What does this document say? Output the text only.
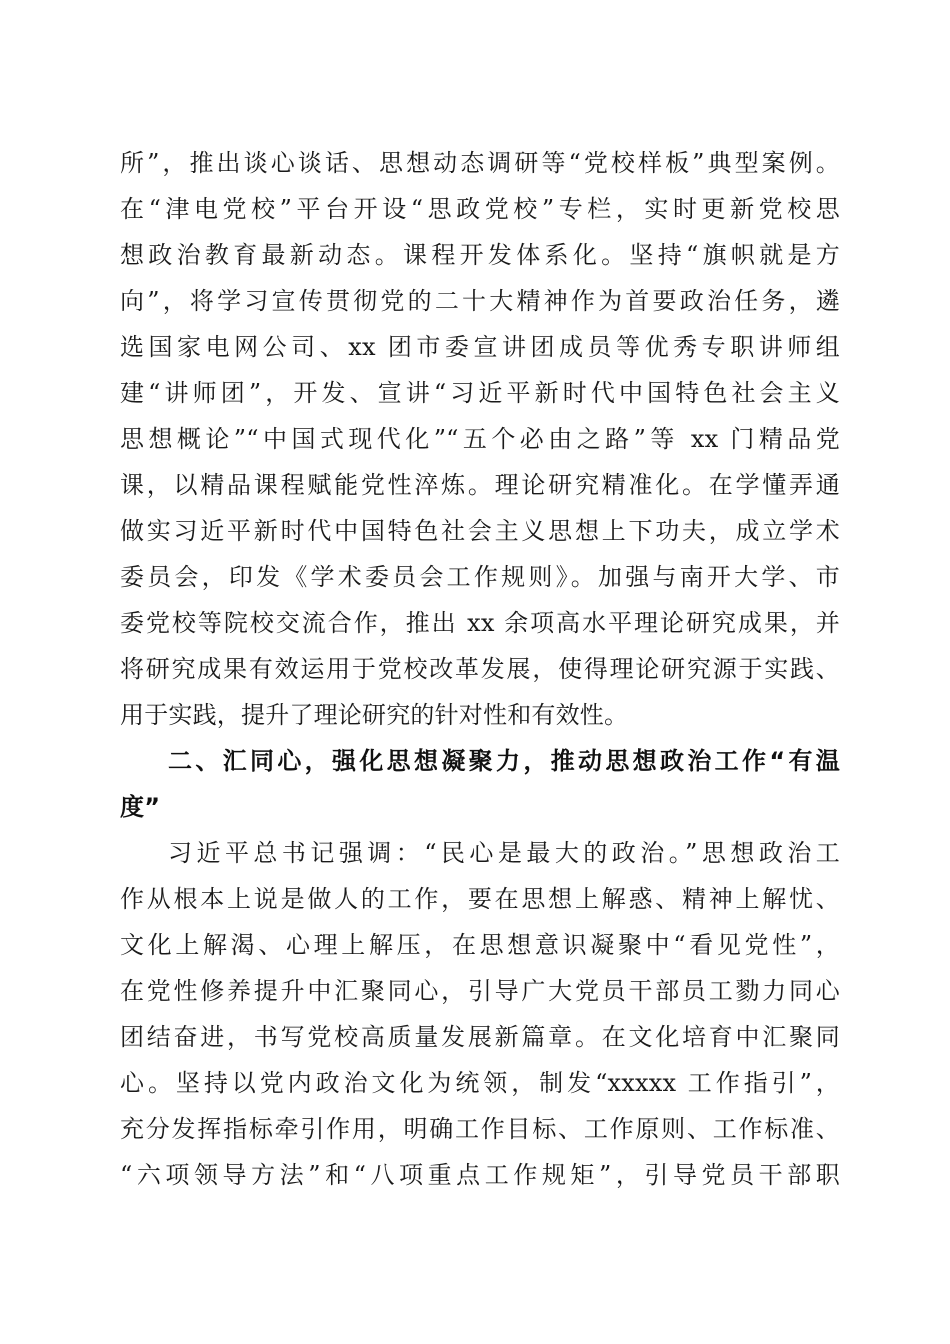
所”，推出谈心谈话、思想动态调研等“党校样板”典型案例。
在“津电党校”平台开设“思政党校”专栏，实时更新党校思
想政治教育最新动态。课程开发体系化。坚持“旗帜就是方
向”，将学习宣传贯彻党的二十大精神作为首要政治任务，遴
选国家电网公司、xx 团市委宣讲团成员等优秀专职讲师组
建“讲师团”，开发、宣讲“习近平新时代中国特色社会主义
思想概论”“中国式现代化”“五个必由之路”等 xx 门精品党
课，以精品课程赋能党性淬炼。理论研究精准化。在学懂弄通
做实习近平新时代中国特色社会主义思想上下功夫，成立学术
委员会，印发《学术委员会工作规则》。加强与南开大学、市
委党校等院校交流合作，推出 xx 余项高水平理论研究成果，并
将研究成果有效运用于党校改革发展，使得理论研究源于实践、
用于实践，提升了理论研究的针对性和有效性。
二、汇同心，强化思想凝聚力，推动思想政治工作“有温
度”
习近平总书记强调：“民心是最大的政治。”思想政治工
作从根本上说是做人的工作，要在思想上解惑、精神上解忧、
文化上解渴、心理上解压，在思想意识凝聚中“看见党性”，
在党性修养提升中汇聚同心，引导广大党员干部员工勠力同心
团结奋进，书写党校高质量发展新篇章。在文化培育中汇聚同
心。坚持以党内政治文化为统领，制发“xxxxx 工作指引”，
充分发挥指标牵引作用，明确工作目标、工作原则、工作标准、
“六项领导方法”和“八项重点工作规矩”，引导党员干部职
